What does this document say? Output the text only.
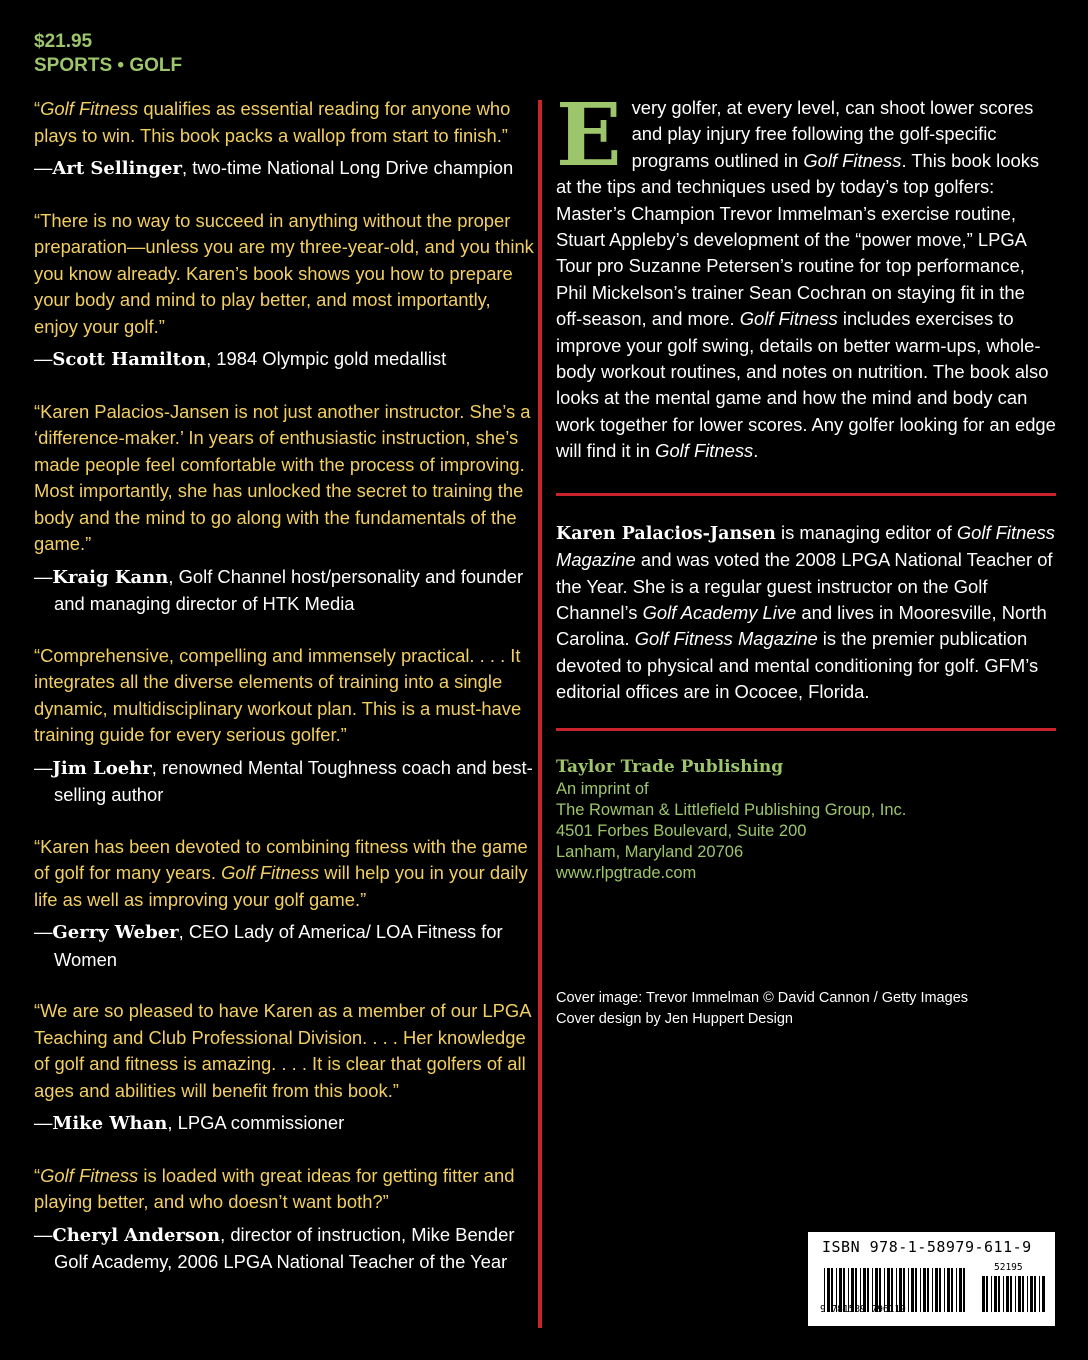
$21.95
SPORTS • GOLF
“Golf Fitness qualifies as essential reading for anyone who plays to win. This book packs a wallop from start to finish.”
—Art Sellinger, two-time National Long Drive champion
“There is no way to succeed in anything without the proper preparation—unless you are my three-year-old, and you think you know already. Karen’s book shows you how to prepare your body and mind to play better, and most importantly, enjoy your golf.”
—Scott Hamilton, 1984 Olympic gold medallist
“Karen Palacios-Jansen is not just another instructor. She’s a ‘difference-maker.’ In years of enthusiastic instruction, she’s made people feel comfortable with the process of improving. Most importantly, she has unlocked the secret to training the body and the mind to go along with the fundamentals of the game.”
—Kraig Kann, Golf Channel host/personality and founder and managing director of HTK Media
“Comprehensive, compelling and immensely practical. . . . It integrates all the diverse elements of training into a single dynamic, multidisciplinary workout plan. This is a must-have training guide for every serious golfer.”
—Jim Loehr, renowned Mental Toughness coach and best-selling author
“Karen has been devoted to combining fitness with the game of golf for many years. Golf Fitness will help you in your daily life as well as improving your golf game.”
—Gerry Weber, CEO Lady of America/ LOA Fitness for Women
“We are so pleased to have Karen as a member of our LPGA Teaching and Club Professional Division. . . . Her knowledge of golf and fitness is amazing. . . . It is clear that golfers of all ages and abilities will benefit from this book.”
—Mike Whan, LPGA commissioner
“Golf Fitness is loaded with great ideas for getting fitter and playing better, and who doesn’t want both?”
—Cheryl Anderson, director of instruction, Mike Bender Golf Academy, 2006 LPGA National Teacher of the Year
Every golfer, at every level, can shoot lower scores and play injury free following the golf-specific programs outlined in Golf Fitness. This book looks at the tips and techniques used by today’s top golfers: Master’s Champion Trevor Immelman’s exercise routine, Stuart Appleby’s development of the “power move,” LPGA Tour pro Suzanne Petersen’s routine for top performance, Phil Mickelson’s trainer Sean Cochran on staying fit in the off-season, and more. Golf Fitness includes exercises to improve your golf swing, details on better warm-ups, whole-body workout routines, and notes on nutrition. The book also looks at the mental game and how the mind and body can work together for lower scores. Any golfer looking for an edge will find it in Golf Fitness.
Karen Palacios-Jansen is managing editor of Golf Fitness Magazine and was voted the 2008 LPGA National Teacher of the Year. She is a regular guest instructor on the Golf Channel’s Golf Academy Live and lives in Mooresville, North Carolina. Golf Fitness Magazine is the premier publication devoted to physical and mental conditioning for golf. GFM’s editorial offices are in Ococee, Florida.
Taylor Trade Publishing
An imprint of
The Rowman & Littlefield Publishing Group, Inc.
4501 Forbes Boulevard, Suite 200
Lanham, Maryland 20706
www.rlpgtrade.com
Cover image: Trevor Immelman © David Cannon / Getty Images
Cover design by Jen Huppert Design
ISBN 978-1-58979-611-9
9 781589 796119
52195
